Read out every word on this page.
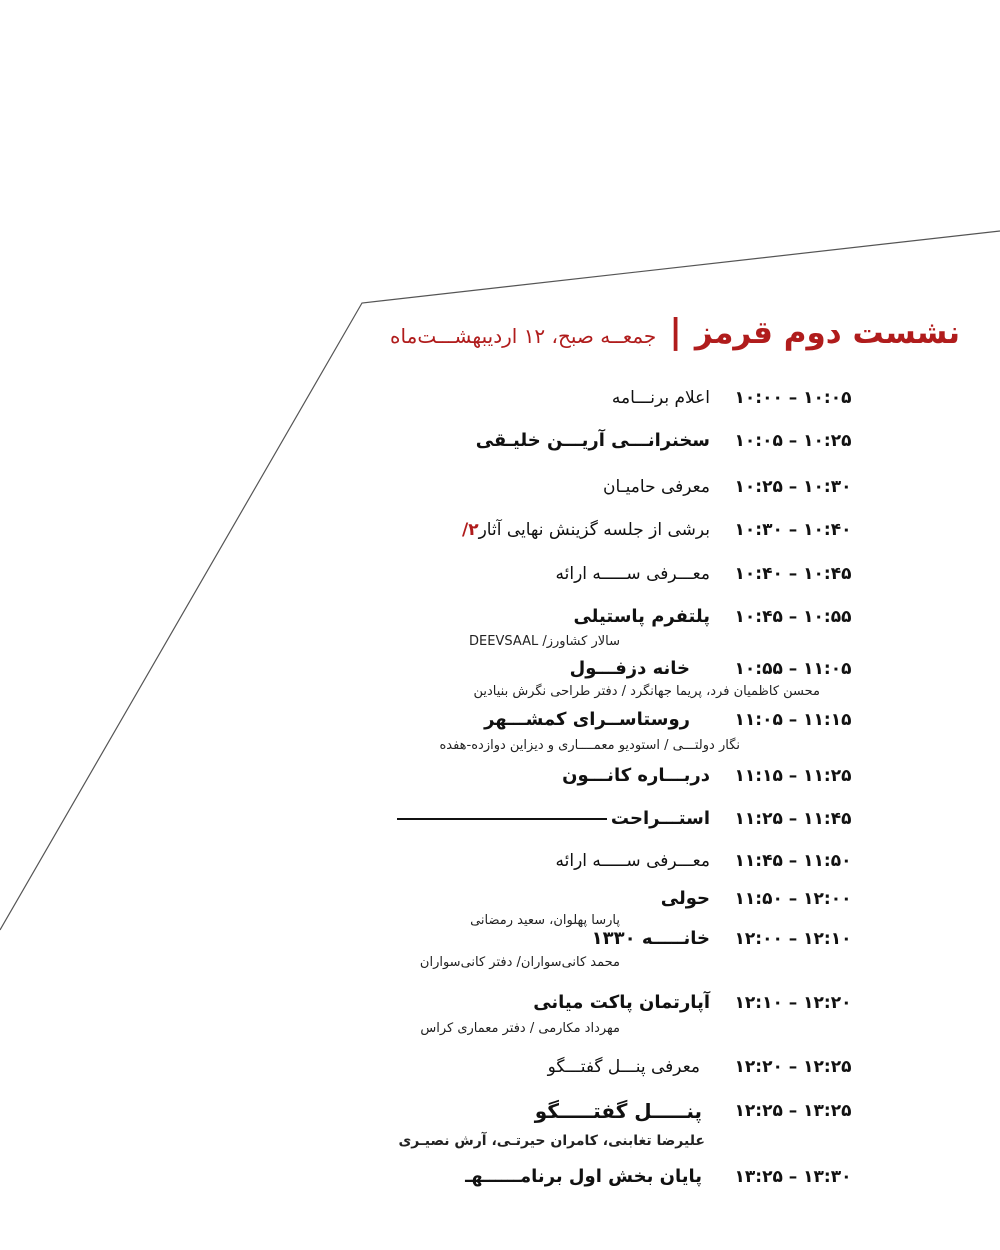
نشست دوم قرمز | جمعــه صبح، ۱۲ اردیبهشـــت‌ماه
۱۰:۰۰ – ۱۰:۰۵
اعلام برنـــامه
۱۰:۰۵ – ۱۰:۲۵
سخنرانـــی آریـــن خلیـقی
۱۰:۲۵ – ۱۰:۳۰
معرفی حامیـان
۱۰:۳۰ – ۱۰:۴۰
برشی از جلسه گزینش نهایی آثار۲/
۱۰:۴۰ – ۱۰:۴۵
معـــرفی ســـــه ارائه
۱۰:۴۵ – ۱۰:۵۵
پلتفرم پاستیلی
سالار کشاورز/ DEEVSAAL
۱۰:۵۵ – ۱۱:۰۵
خانه دزفـــول
محسن کاظمیان فرد، پریما جهانگرد / دفتر طراحی نگرش بنیادین
۱۱:۰۵ – ۱۱:۱۵
روستاســرای کمشـــهر
نگار دولتـــی / استودیو معمــــاری و دیزاین دوازده-هفده
۱۱:۱۵ – ۱۱:۲۵
دربـــاره کانـــون
۱۱:۲۵ – ۱۱:۴۵
استـــراحت
۱۱:۴۵ – ۱۱:۵۰
معـــرفی ســـــه ارائه
۱۱:۵۰ – ۱۲:۰۰
حولی
پارسا پهلوان، سعید رمضانی
۱۲:۰۰ – ۱۲:۱۰
خانـــــه ۱۳۳۰
محمد کانی‌سواران/ دفتر کانی‌سواران
۱۲:۱۰ – ۱۲:۲۰
آپارتمان پاکت میانی
مهرداد مکارمی / دفتر معماری کراس
۱۲:۲۰ – ۱۲:۲۵
معرفی پنـــل گفتـــگو
۱۲:۲۵ – ۱۳:۲۵
پنـــــل گفتـــــگو
علیرضا تغابنی، کامران حیرتـی، آرش نصیـری
۱۳:۲۵ – ۱۳:۳۰
پایان بخش اول برنامــــــهـ
